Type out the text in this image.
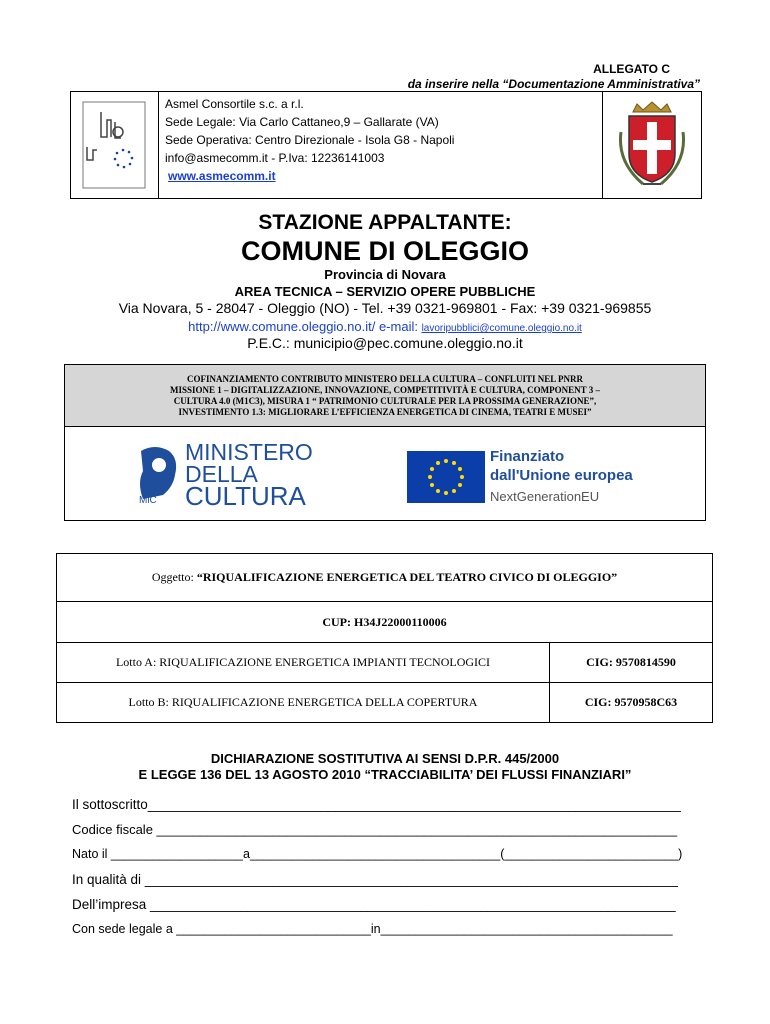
ALLEGATO C
da inserire nella “Documentazione Amministrativa”
Asmel Consortile s.c. a r.l.
Sede Legale: Via Carlo Cattaneo,9 – Gallarate (VA)
Sede Operativa: Centro Direzionale - Isola G8 - Napoli
info@asmecomm.it - P.Iva: 12236141003
www.asmecomm.it
STAZIONE APPALTANTE:
COMUNE DI OLEGGIO
Provincia di Novara
AREA TECNICA – SERVIZIO OPERE PUBBLICHE
Via Novara, 5 - 28047 - Oleggio (NO) - Tel. +39 0321-969801 - Fax: +39 0321-969855
http://www.comune.oleggio.no.it/ e-mail: lavoripubblici@comune.oleggio.no.it
P.E.C.: municipio@pec.comune.oleggio.no.it
COFINANZIAMENTO CONTRIBUTO MINISTERO DELLA CULTURA – CONFLUITI NEL PNRR
MISSIONE 1 – DIGITALIZZAZIONE, INNOVAZIONE, COMPETITIVITÀ E CULTURA, COMPONENT 3 –
CULTURA 4.0 (M1C3), MISURA 1 “ PATRIMONIO CULTURALE PER LA PROSSIMA GENERAZIONE”,
INVESTIMENTO 1.3: MIGLIORARE L’EFFICIENZA ENERGETICA DI CINEMA, TEATRI E MUSEI”
MiC
MINISTERO
DELLA
CULTURA
Finanziato
dall'Unione europea
NextGenerationEU
Oggetto: “RIQUALIFICAZIONE ENERGETICA DEL TEATRO CIVICO DI OLEGGIO”	
CUP: H34J22000110006	
Lotto A: RIQUALIFICAZIONE ENERGETICA IMPIANTI TECNOLOGICI	CIG: 9570814590
Lotto B: RIQUALIFICAZIONE ENERGETICA DELLA COPERTURA	CIG: 9570958C63
DICHIARAZIONE SOSTITUTIVA AI SENSI D.P.R. 445/2000
E LEGGE 136 DEL 13 AGOSTO 2010 “TRACCIABILITA’ DEI FLUSSI FINANZIARI”
Il sottoscritto_______________________________________________________________________
Codice fiscale ________________________________________________________________________
Nato il ___________________a____________________________________(_________________________)
In qualità di _______________________________________________________________________
Dell’impresa ______________________________________________________________________
Con sede legale a ____________________________in__________________________________________
